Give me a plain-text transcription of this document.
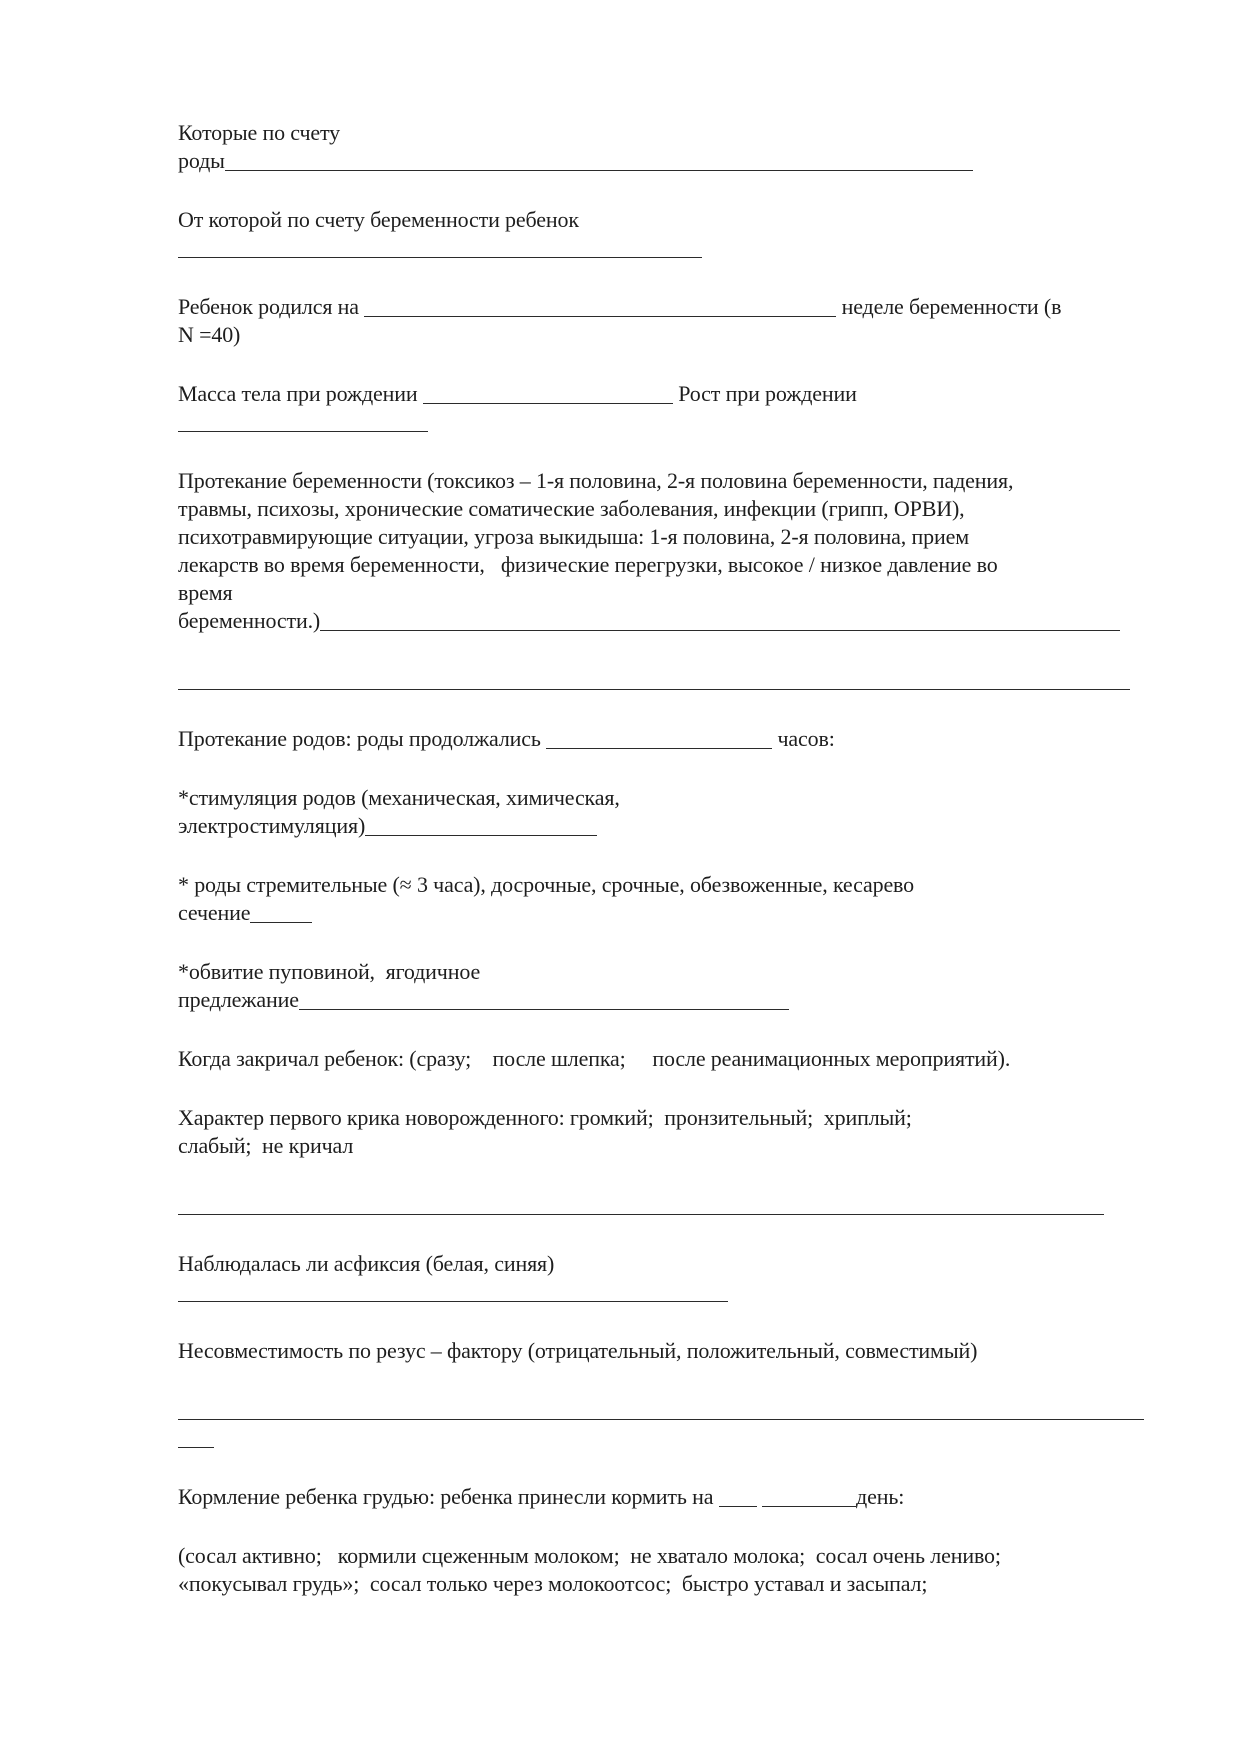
Которые по счету
роды
От которой по счету беременности ребенок
Ребенок родился на	неделе беременности (в
N =40)
Масса тела при рождении	Рост при рождении
Протекание беременности (токсикоз – 1-я половина, 2-я половина беременности, падения,
травмы, психозы, хронические соматические заболевания, инфекции (грипп, ОРВИ),
психотравмирующие ситуации, угроза выкидыша: 1-я половина, 2-я половина, прием
лекарств во время беременности,   физические перегрузки, высокое / низкое давление во
время
беременности.)
Протекание родов: роды продолжались	часов:
*стимуляция родов (механическая, химическая,
электростимуляция)
* роды стремительные (≈ 3 часа), досрочные, срочные, обезвоженные, кесарево
сечение
*обвитие пуповиной,  ягодичное
предлежание
Когда закричал ребенок: (сразу;    после шлепка;     после реанимационных мероприятий).
Характер первого крика новорожденного: громкий;  пронзительный;  хриплый;
слабый;  не кричал
Наблюдалась ли асфиксия (белая, синяя)
Несовместимость по резус – фактору (отрицательный, положительный, совместимый)
Кормление ребенка грудью: ребенка принесли кормить на	день:
(сосал активно;   кормили сцеженным молоком;  не хватало молока;  сосал очень лениво;
«покусывал грудь»;  сосал только через молокоотсос;  быстро уставал и засыпал;
